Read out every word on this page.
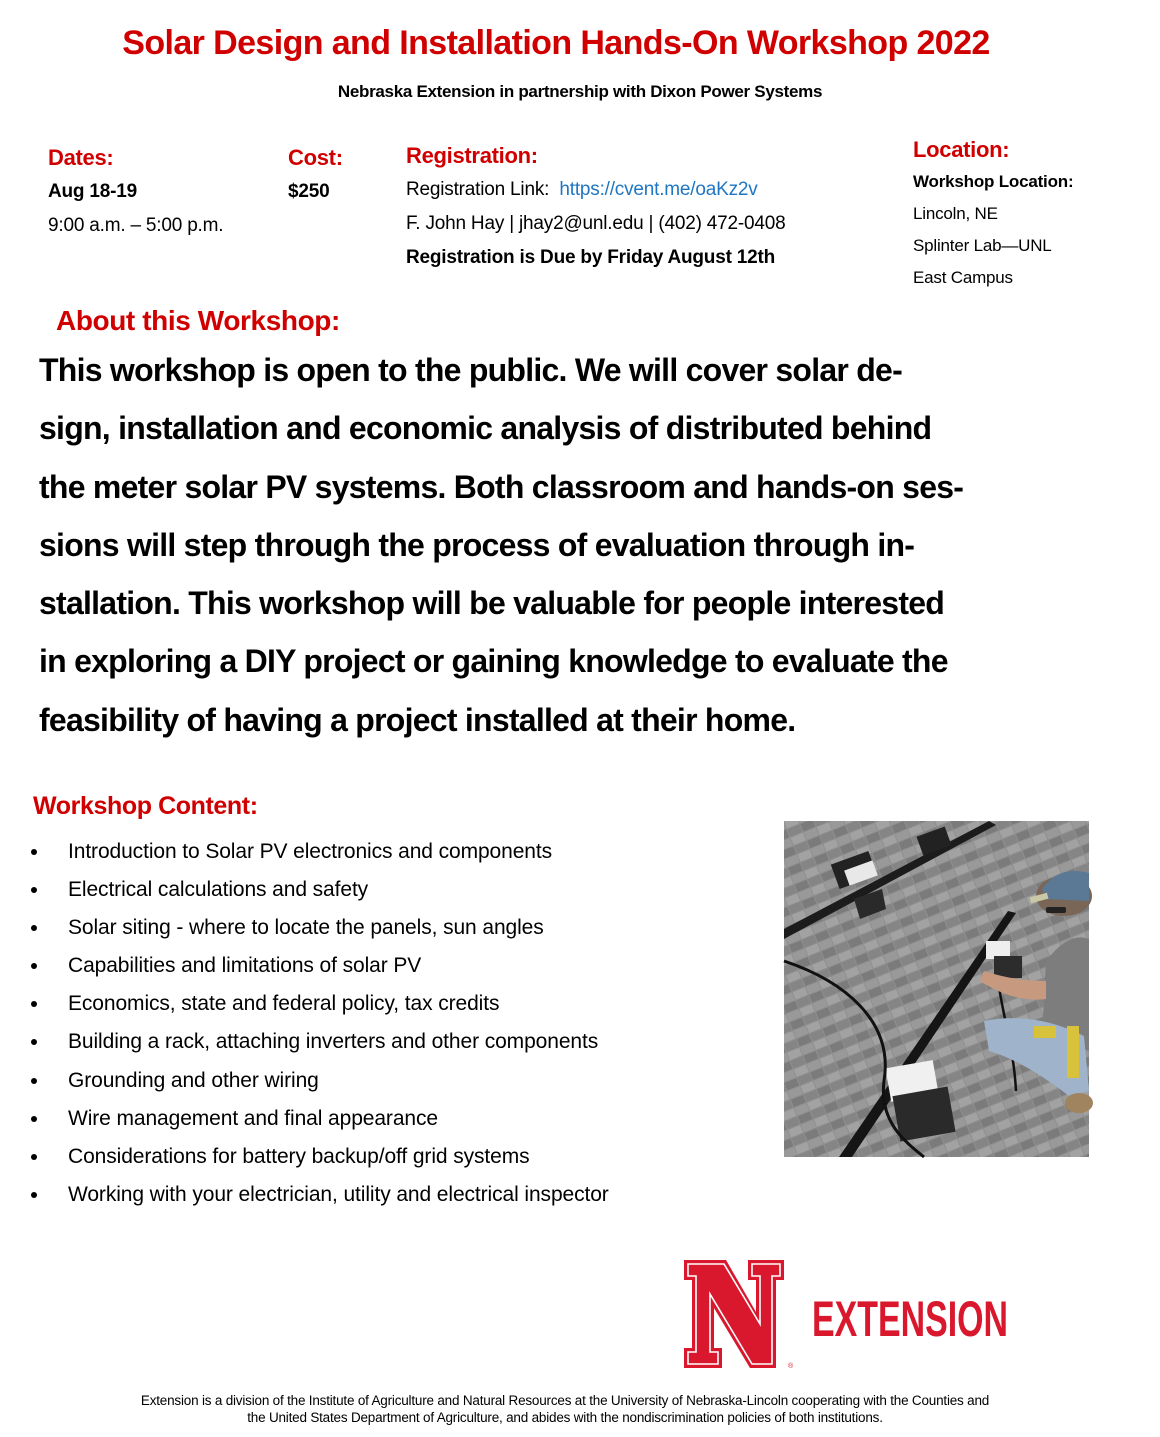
Solar Design and Installation Hands-On Workshop 2022
Nebraska Extension in partnership with Dixon Power Systems
Dates:
Aug 18-19
9:00 a.m. – 5:00 p.m.
Cost:
$250
Registration:
Registration Link: https://cvent.me/oaKz2v
F. John Hay | jhay2@unl.edu | (402) 472-0408
Registration is Due by Friday August 12th
Location:
Workshop Location:
Lincoln, NE
Splinter Lab—UNL
East Campus
About this Workshop:
This workshop is open to the public. We will cover solar de-
sign, installation and economic analysis of distributed behind
the meter solar PV systems. Both classroom and hands-on ses-
sions will step through the process of evaluation through in-
stallation. This workshop will be valuable for people interested
in exploring a DIY project or gaining knowledge to evaluate the
feasibility of having a project installed at their home.
Workshop Content:
Introduction to Solar PV electronics and components
Electrical calculations and safety
Solar siting - where to locate the panels, sun angles
Capabilities and limitations of solar PV
Economics, state and federal policy, tax credits
Building a rack, attaching inverters and other components
Grounding and other wiring
Wire management and final appearance
Considerations for battery backup/off grid systems
Working with your electrician, utility and electrical inspector
®
EXTENSION
Extension is a division of the Institute of Agriculture and Natural Resources at the University of Nebraska-Lincoln cooperating with the Counties and
the United States Department of Agriculture, and abides with the nondiscrimination policies of both institutions.
